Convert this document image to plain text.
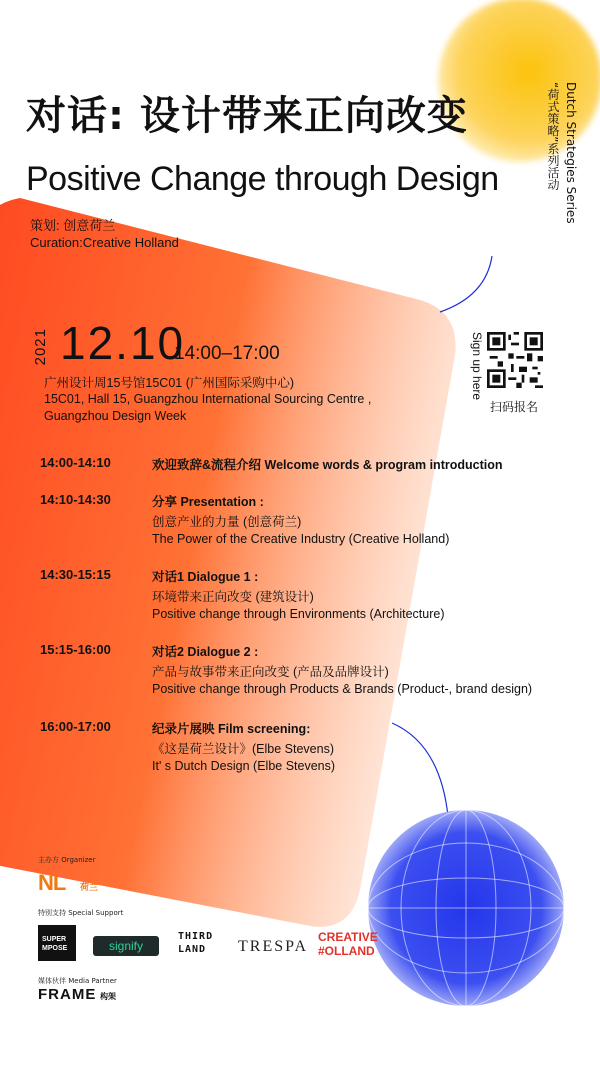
对话: 设计带来正向改变
Positive Change through Design	Dutch Strategies Series
“荷式策略”系列活动
策划: 创意荷兰
Curation:Creative Holland
2021 12.10
14:00–17:00
广州设计周15号馆15C01 (广州国际采购中心)
15C01, Hall 15, Guangzhou International Sourcing Centre ,
Guangzhou Design Week
Sign up here
扫码报名
14:00-14:10	欢迎致辞&流程介绍 Welcome words & program introduction
14:10-14:30	分享 Presentation :
创意产业的力量 (创意荷兰)
The Power of the Creative Industry (Creative Holland)
14:30-15:15	对话1 Dialogue 1 :
环境带来正向改变 (建筑设计)
Positive change through Environments (Architecture)
15:15-16:00	对话2 Dialogue 2 :
产品与故事带来正向改变 (产品及品牌设计)
Positive change through Products & Brands (Product-, brand design)
16:00-17:00	纪录片展映 Film screening:
《这是荷兰设计》(Elbe Stevens)
It' s Dutch Design (Elbe Stevens)
主办方 Organizer
NL 荷兰
特别支持 Special Support
SUPER MPOSE	signify
THIRD LAND	TRESPA
CREATIVE #OLLAND
媒体伙伴 Media Partner
FRAME 构架
